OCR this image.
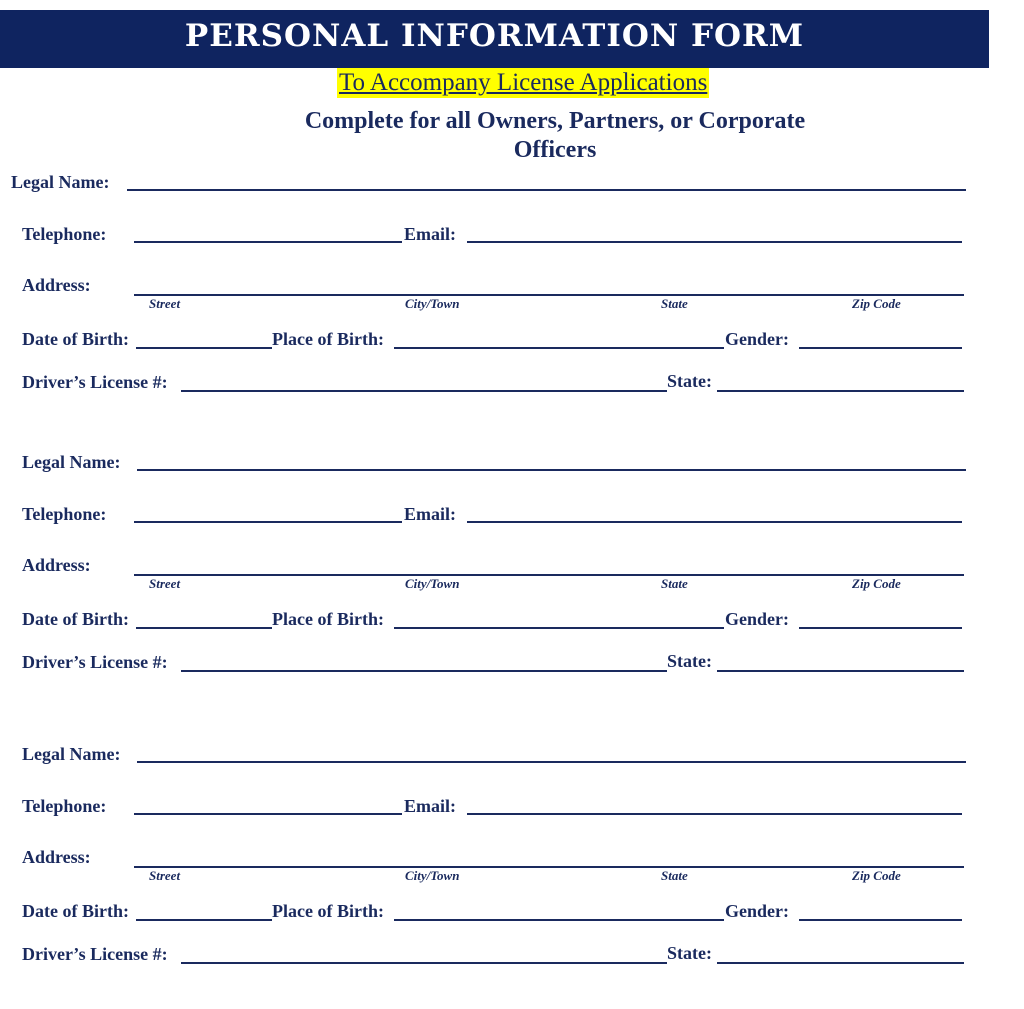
PERSONAL INFORMATION FORM
To Accompany License Applications
Complete for all Owners, Partners, or Corporate Officers
Legal Name:
Telephone:	Email:
Address:
Street	City/Town	State	Zip Code
Date of Birth:	Place of Birth:	Gender:
Driver’s License #:	State:
Legal Name:
Telephone:	Email:
Address:
Street	City/Town	State	Zip Code
Date of Birth:	Place of Birth:	Gender:
Driver’s License #:	State:
Legal Name:
Telephone:	Email:
Address:
Street	City/Town	State	Zip Code
Date of Birth:	Place of Birth:	Gender:
Driver’s License #:	State:
